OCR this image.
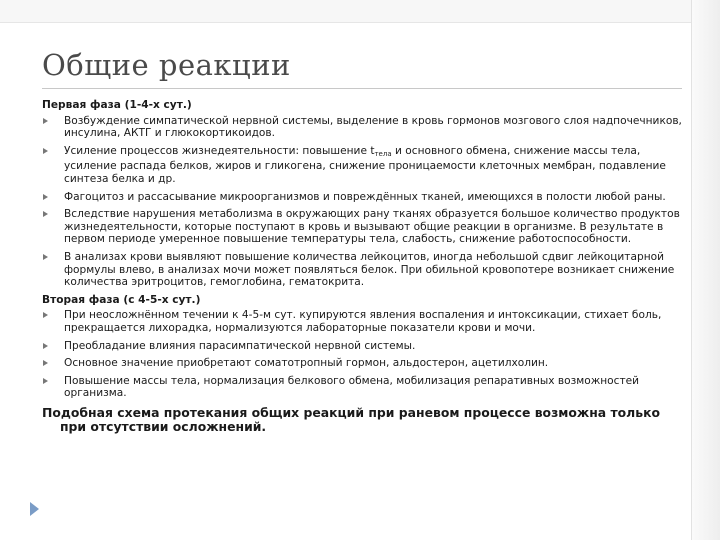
Общие реакции
Первая фаза (1-4-х сут.)
Возбуждение симпатической нервной системы, выделение в кровь гормонов мозгового слоя надпочечников, инсулина, АКТГ и глюкокортикоидов.
Усиление процессов жизнедеятельности: повышение $t_{тела}$ и основного обмена, снижение массы тела, усиление распада белков, жиров и гликогена, снижение проницаемости клеточных мембран, подавление синтеза белка и др.
Фагоцитоз и рассасывание микроорганизмов и повреждённых тканей, имеющихся в полости любой раны.
Вследствие нарушения метаболизма в окружающих рану тканях образуется большое количество продуктов жизнедеятельности, которые поступают в кровь и вызывают общие реакции в организме. В результате в первом периоде умеренное повышение температуры тела, слабость, снижение работоспособности.
В анализах крови выявляют повышение количества лейкоцитов, иногда небольшой сдвиг лейкоцитарной формулы влево, в анализах мочи может появляться белок. При обильной кровопотере возникает снижение количества эритроцитов, гемоглобина, гематокрита.
Вторая фаза (с 4-5-х сут.)
При неосложнённом течении к 4-5-м сут. купируются явления воспаления и интоксикации, стихает боль, прекращается лихорадка, нормализуются лабораторные показатели крови и мочи.
Преобладание влияния парасимпатической нервной системы.
Основное значение приобретают соматотропный гормон, альдостерон, ацетилхолин.
Повышение массы тела, нормализация белкового обмена, мобилизация репаративных возможностей организма.
Подобная схема протекания общих реакций при раневом процессе возможна только при отсутствии осложнений.
